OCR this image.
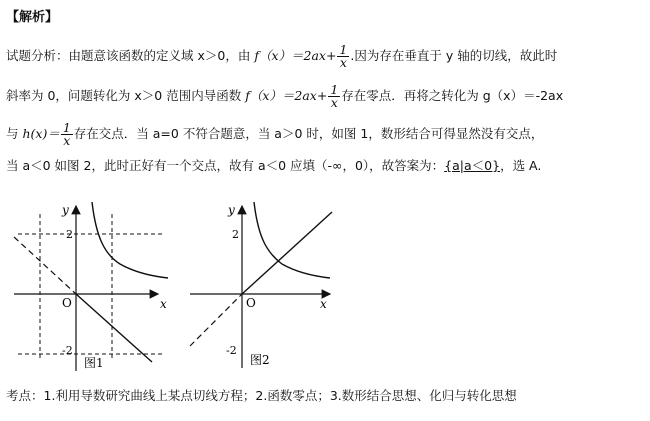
【解析】
试题分析：由题意该函数的定义域 x＞0，由 $f(x)=2ax+ \frac{1}{x}$ .因为存在垂直于 y 轴的切线，故此时
斜率为 0，问题转化为 x＞0 范围内导函数 $f(x)=2ax+ \frac{1}{x}$ 存在零点．再将之转化为 g（x）＝-2ax
与 $h(x)= \frac{1}{x}$ 存在交点．当 a=0 不符合题意，当 a＞0 时，如图 1，数形结合可得显然没有交点，
当 a＜0 如图 2，此时正好有一个交点，故有 a＜0 应填（-∞，0），故答案为：{a|a＜0}，选 A.
y
x
O
2
-2
图1
y
x
O
2
-2
图2
考点：1.利用导数研究曲线上某点切线方程；2.函数零点；3.数形结合思想、化归与转化思想
